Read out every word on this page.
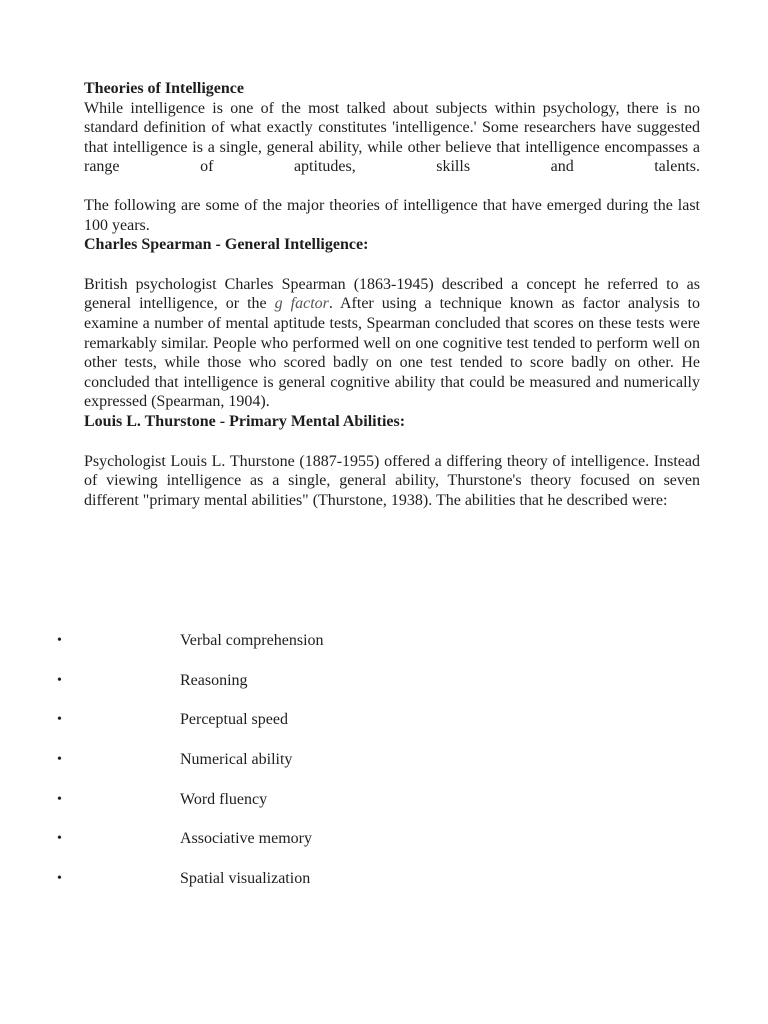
Theories of Intelligence

While intelligence is one of the most talked about subjects within psychology, there is no standard definition of what exactly constitutes 'intelligence.' Some researchers have suggested that intelligence is a single, general ability, while other believe that intelligence encompasses a range of aptitudes, skills and talents.

The following are some of the major theories of intelligence that have emerged during the last 100 years.

Charles Spearman - General Intelligence:

British psychologist Charles Spearman (1863-1945) described a concept he referred to as general intelligence, or the g factor. After using a technique known as factor analysis to examine a number of mental aptitude tests, Spearman concluded that scores on these tests were remarkably similar. People who performed well on one cognitive test tended to perform well on other tests, while those who scored badly on one test tended to score badly on other. He concluded that intelligence is general cognitive ability that could be measured and numerically expressed (Spearman, 1904).

Louis L. Thurstone - Primary Mental Abilities:

Psychologist Louis L. Thurstone (1887-1955) offered a differing theory of intelligence. Instead of viewing intelligence as a single, general ability, Thurstone's theory focused on seven different "primary mental abilities" (Thurstone, 1938). The abilities that he described were:

•	Verbal comprehension
•	Reasoning
•	Perceptual speed
•	Numerical ability
•	Word fluency
•	Associative memory
•	Spatial visualization
